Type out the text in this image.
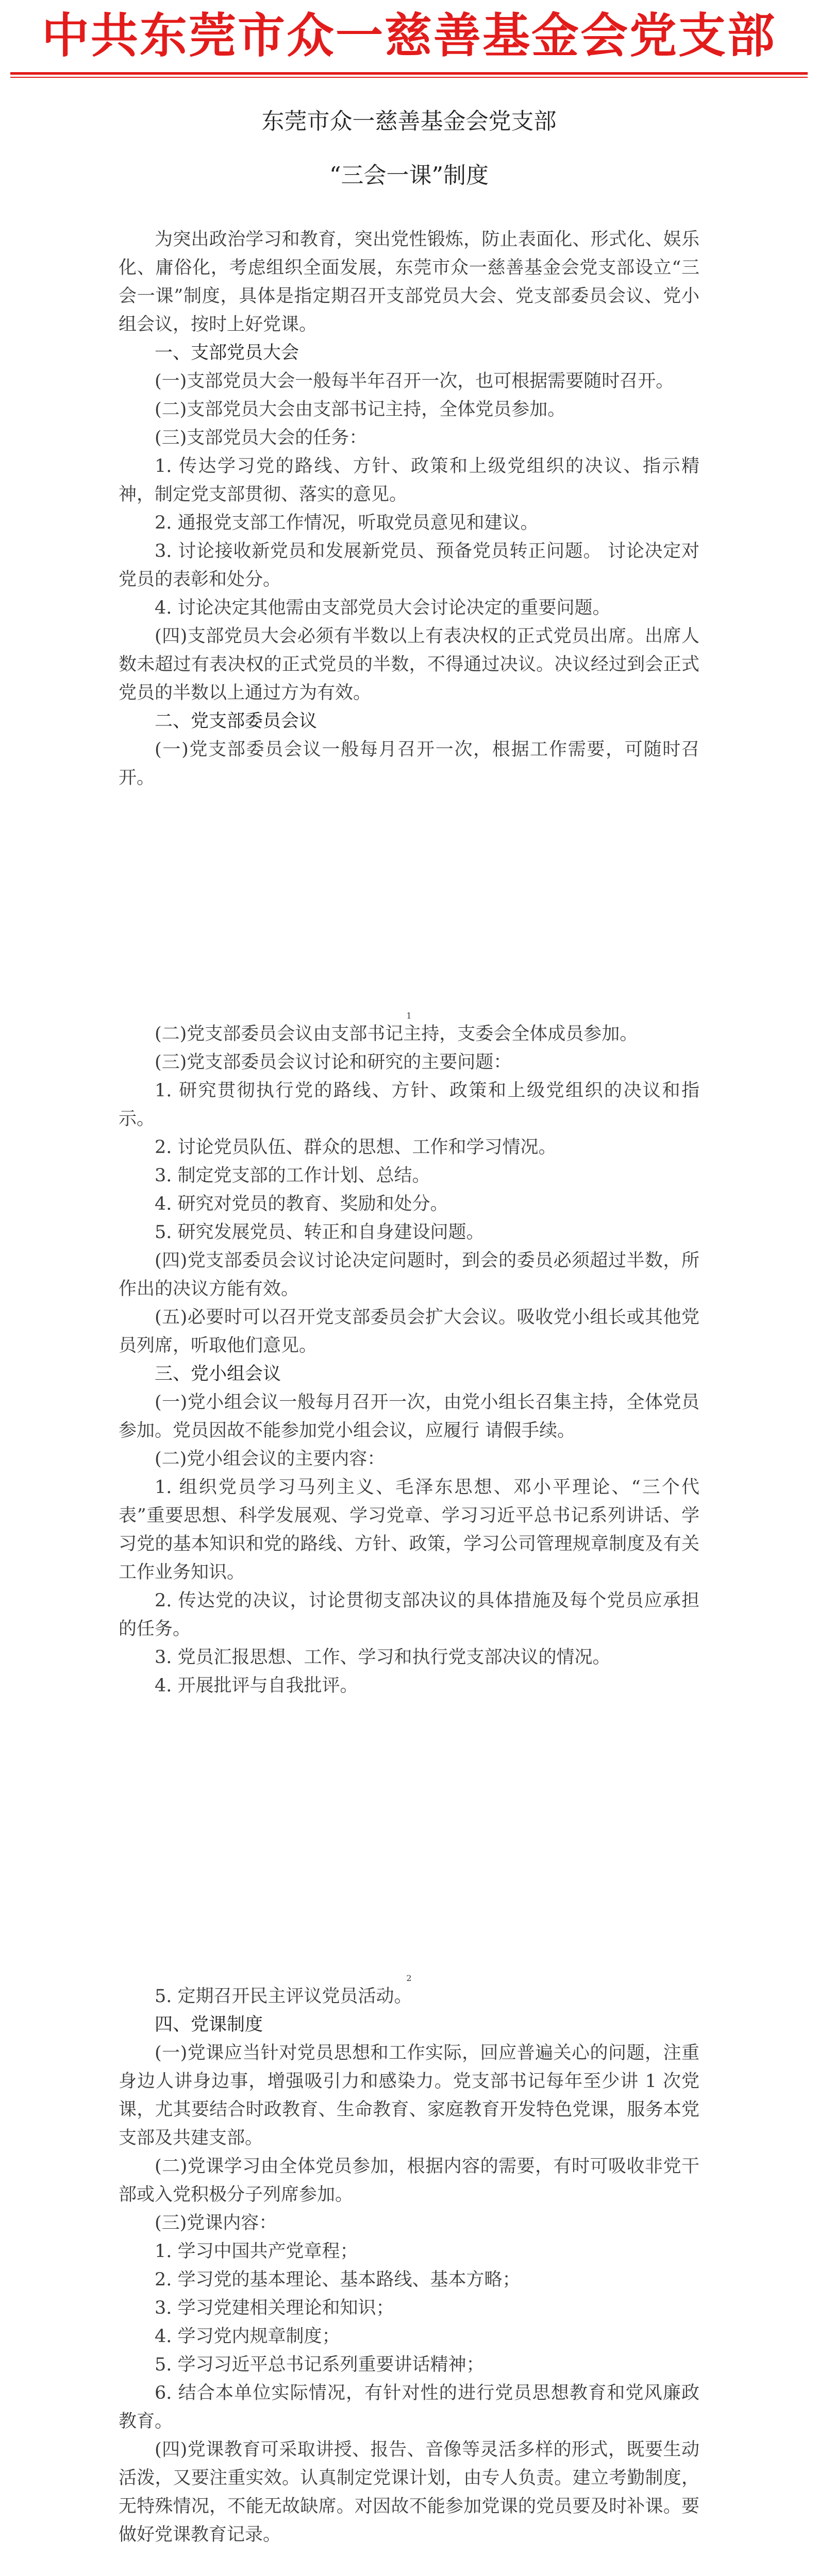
中共东莞市众一慈善基金会党支部
东莞市众一慈善基金会党支部
“三会一课”制度

为突出政治学习和教育，突出党性锻炼，防止表面化、形式化、娱乐化、庸俗化，考虑组织全面发展，东莞市众一慈善基金会党支部设立“三会一课”制度，具体是指定期召开支部党员大会、党支部委员会议、党小组会议，按时上好党课。

一、支部党员大会

(一)支部党员大会一般每半年召开一次，也可根据需要随时召开。

(二)支部党员大会由支部书记主持，全体党员参加。

(三)支部党员大会的任务：

1. 传达学习党的路线、方针、政策和上级党组织的决议、指示精神，制定党支部贯彻、落实的意见。

2. 通报党支部工作情况，听取党员意见和建议。

3. 讨论接收新党员和发展新党员、预备党员转正问题。 讨论决定对党员的表彰和处分。

4. 讨论决定其他需由支部党员大会讨论决定的重要问题。

(四)支部党员大会必须有半数以上有表决权的正式党员出席。出席人数未超过有表决权的正式党员的半数，不得通过决议。决议经过到会正式党员的半数以上通过方为有效。

二、党支部委员会议

(一)党支部委员会议一般每月召开一次，根据工作需要，可随时召开。

1

(二)党支部委员会议由支部书记主持，支委会全体成员参加。

(三)党支部委员会议讨论和研究的主要问题：

1. 研究贯彻执行党的路线、方针、政策和上级党组织的决议和指示。

2. 讨论党员队伍、群众的思想、工作和学习情况。

3. 制定党支部的工作计划、总结。

4. 研究对党员的教育、奖励和处分。

5. 研究发展党员、转正和自身建设问题。

(四)党支部委员会议讨论决定问题时，到会的委员必须超过半数，所作出的决议方能有效。

(五)必要时可以召开党支部委员会扩大会议。吸收党小组长或其他党员列席，听取他们意见。

三、党小组会议

(一)党小组会议一般每月召开一次，由党小组长召集主持，全体党员参加。党员因故不能参加党小组会议，应履行 请假手续。

(二)党小组会议的主要内容：

1. 组织党员学习马列主义、毛泽东思想、邓小平理论、“三个代表”重要思想、科学发展观、学习党章、学习习近平总书记系列讲话、学习党的基本知识和党的路线、方针、政策，学习公司管理规章制度及有关工作业务知识。

2. 传达党的决议，讨论贯彻支部决议的具体措施及每个党员应承担的任务。

3. 党员汇报思想、工作、学习和执行党支部决议的情况。

4. 开展批评与自我批评。

2

5. 定期召开民主评议党员活动。

四、党课制度

(一)党课应当针对党员思想和工作实际，回应普遍关心的问题，注重身边人讲身边事，增强吸引力和感染力。党支部书记每年至少讲 1 次党课，尤其要结合时政教育、生命教育、家庭教育开发特色党课，服务本党支部及共建支部。

(二)党课学习由全体党员参加，根据内容的需要，有时可吸收非党干部或入党积极分子列席参加。

(三)党课内容：

1. 学习中国共产党章程；

2. 学习党的基本理论、基本路线、基本方略；

3. 学习党建相关理论和知识；

4. 学习党内规章制度；

5. 学习习近平总书记系列重要讲话精神；

6. 结合本单位实际情况，有针对性的进行党员思想教育和党风廉政教育。

(四)党课教育可采取讲授、报告、音像等灵活多样的形式，既要生动活泼，又要注重实效。认真制定党课计划，由专人负责。建立考勤制度，无特殊情况，不能无故缺席。对因故不能参加党课的党员要及时补课。要做好党课教育记录。
